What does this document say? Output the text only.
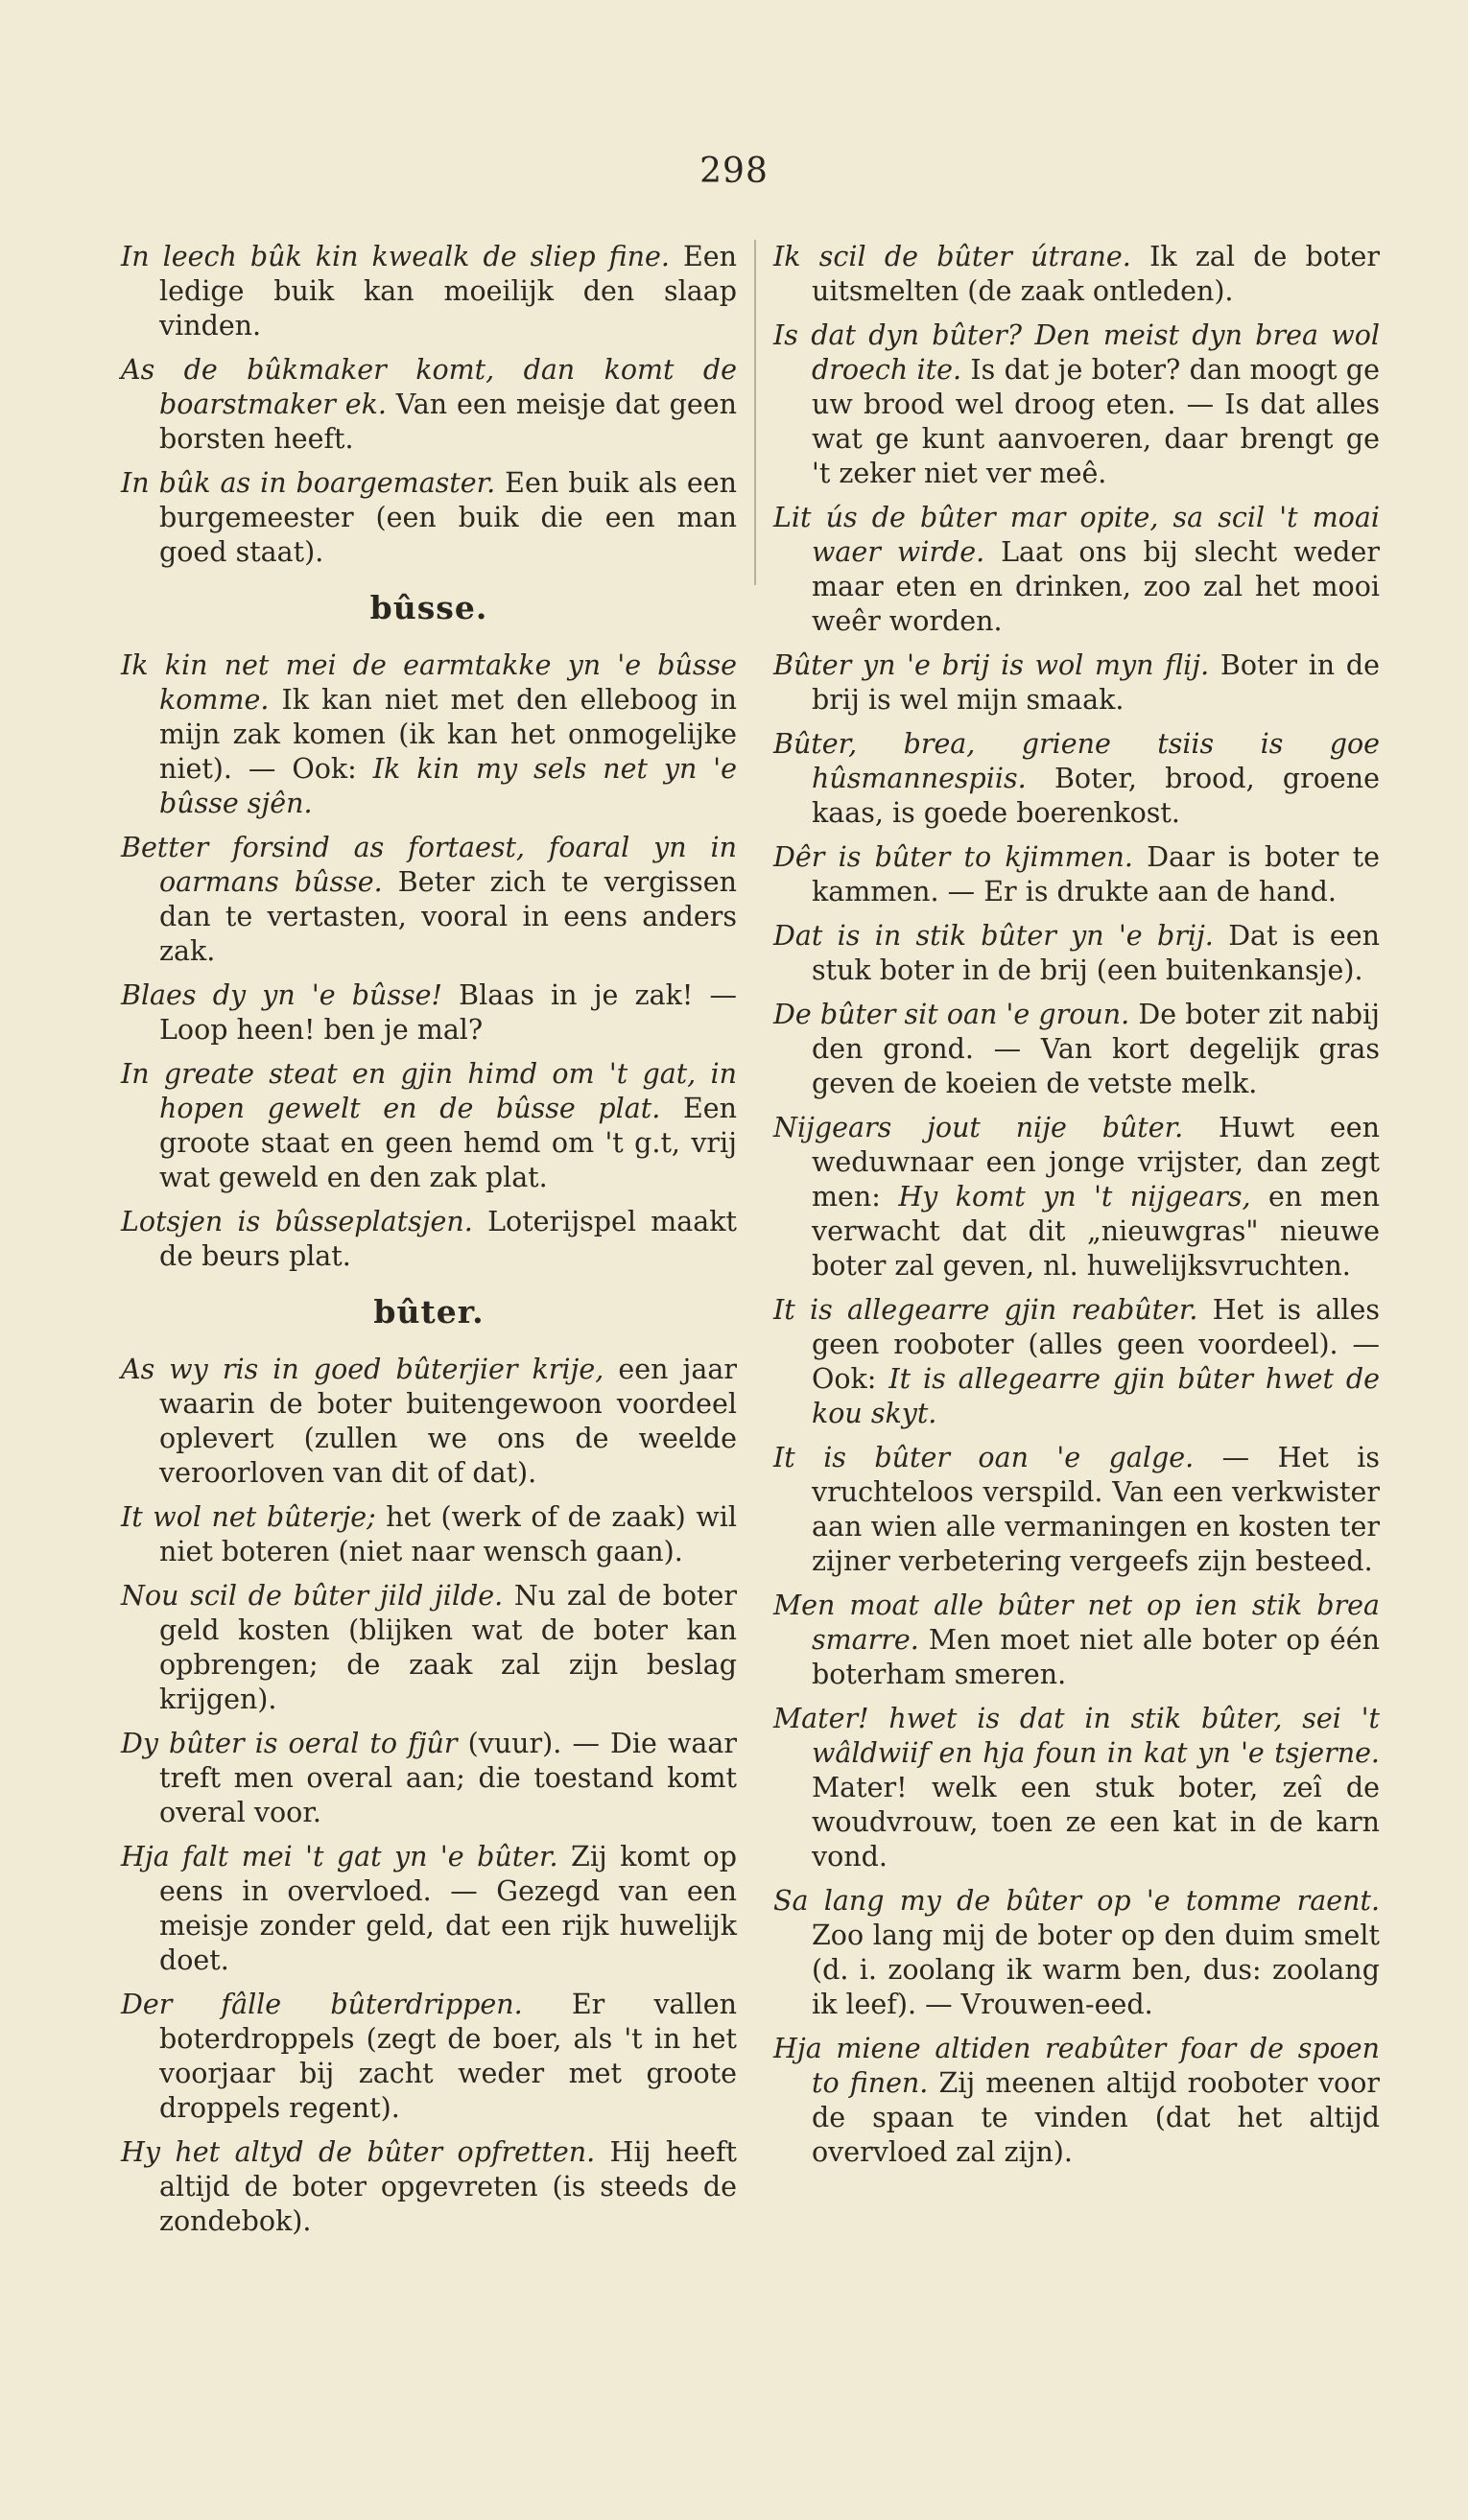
298

In leech bûk kin kwealk de sliep fine. Een ledige buik kan moeilijk den slaap vinden.

As de bûkmaker komt, dan komt de boarstmaker ek. Van een meisje dat geen borsten heeft.

In bûk as in boargemaster. Een buik als een burgemeester (een buik die een man goed staat).

bûsse.

Ik kin net mei de earmtakke yn 'e bûsse komme. Ik kan niet met den elleboog in mijn zak komen (ik kan het onmogelijke niet). — Ook: Ik kin my sels net yn 'e bûsse sjên.

Better forsind as fortaest, foaral yn in oarmans bûsse. Beter zich te vergissen dan te vertasten, vooral in eens anders zak.

Blaes dy yn 'e bûsse! Blaas in je zak! — Loop heen! ben je mal?

In greate steat en gjin himd om 't gat, in hopen gewelt en de bûsse plat. Een groote staat en geen hemd om 't g.t, vrij wat geweld en den zak plat.

Lotsjen is bûsseplatsjen. Loterijspel maakt de beurs plat.

bûter.

As wy ris in goed bûterjier krije, een jaar waarin de boter buitengewoon voordeel oplevert (zullen we ons de weelde veroorloven van dit of dat).

It wol net bûterje; het (werk of de zaak) wil niet boteren (niet naar wensch gaan).

Nou scil de bûter jild jilde. Nu zal de boter geld kosten (blijken wat de boter kan opbrengen; de zaak zal zijn beslag krijgen).

Dy bûter is oeral to fjûr (vuur). — Die waar treft men overal aan; die toestand komt overal voor.

Hja falt mei 't gat yn 'e bûter. Zij komt op eens in overvloed. — Gezegd van een meisje zonder geld, dat een rijk huwelijk doet.

Der fâlle bûterdrippen. Er vallen boterdroppels (zegt de boer, als 't in het voorjaar bij zacht weder met groote droppels regent).

Hy het altyd de bûter opfretten. Hij heeft altijd de boter opgevreten (is steeds de zondebok).

Ik scil de bûter útrane. Ik zal de boter uitsmelten (de zaak ontleden).

Is dat dyn bûter? Den meist dyn brea wol droech ite. Is dat je boter? dan moogt ge uw brood wel droog eten. — Is dat alles wat ge kunt aanvoeren, daar brengt ge 't zeker niet ver meê.

Lit ús de bûter mar opite, sa scil 't moai waer wirde. Laat ons bij slecht weder maar eten en drinken, zoo zal het mooi weêr worden.

Bûter yn 'e brij is wol myn flij. Boter in de brij is wel mijn smaak.

Bûter, brea, griene tsiis is goe hûsmannespiis. Boter, brood, groene kaas, is goede boerenkost.

Dêr is bûter to kjimmen. Daar is boter te kammen. — Er is drukte aan de hand.

Dat is in stik bûter yn 'e brij. Dat is een stuk boter in de brij (een buitenkansje).

De bûter sit oan 'e groun. De boter zit nabij den grond. — Van kort degelijk gras geven de koeien de vetste melk.

Nijgears jout nije bûter. Huwt een weduwnaar een jonge vrijster, dan zegt men: Hy komt yn 't nijgears, en men verwacht dat dit „nieuwgras" nieuwe boter zal geven, nl. huwelijksvruchten.

It is allegearre gjin reabûter. Het is alles geen rooboter (alles geen voordeel). — Ook: It is allegearre gjin bûter hwet de kou skyt.

It is bûter oan 'e galge. — Het is vruchteloos verspild. Van een verkwister aan wien alle vermaningen en kosten ter zijner verbetering vergeefs zijn besteed.

Men moat alle bûter net op ien stik brea smarre. Men moet niet alle boter op één boterham smeren.

Mater! hwet is dat in stik bûter, sei 't wâldwiif en hja foun in kat yn 'e tsjerne. Mater! welk een stuk boter, zeî de woudvrouw, toen ze een kat in de karn vond.

Sa lang my de bûter op 'e tomme raent. Zoo lang mij de boter op den duim smelt (d. i. zoolang ik warm ben, dus: zoolang ik leef). — Vrouwen-eed.

Hja miene altiden reabûter foar de spoen to finen. Zij meenen altijd rooboter voor de spaan te vinden (dat het altijd overvloed zal zijn).
